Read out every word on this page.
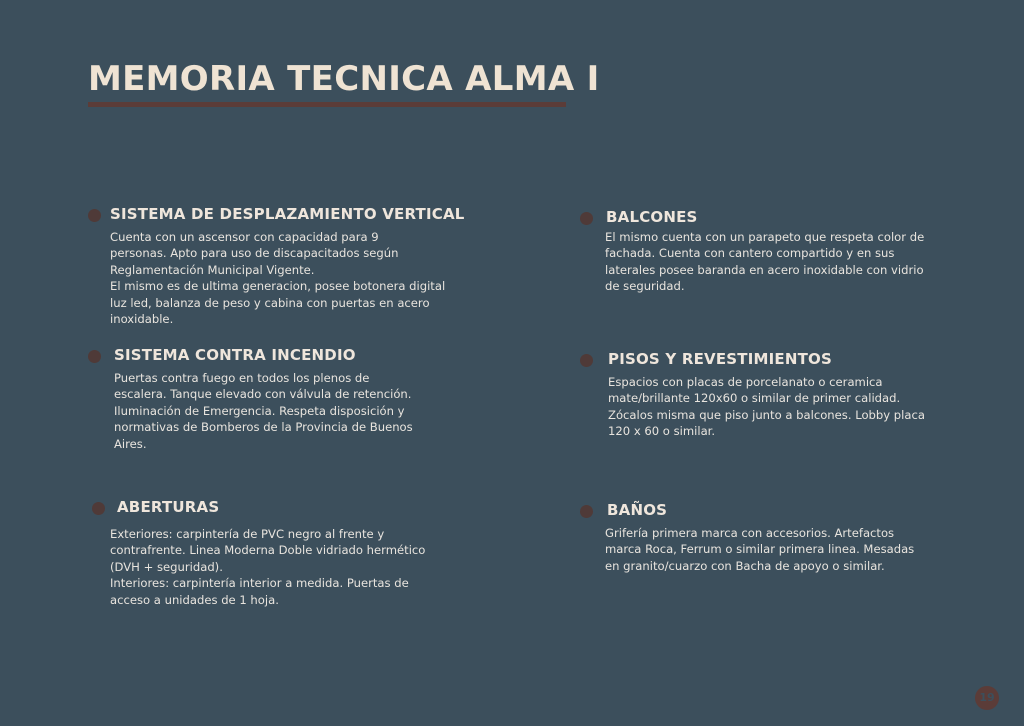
MEMORIA TECNICA ALMA I
SISTEMA DE DESPLAZAMIENTO VERTICAL
Cuenta con un ascensor con capacidad para 9
personas. Apto para uso de discapacitados según
Reglamentación Municipal Vigente.
El mismo es de ultima generacion, posee botonera digital
luz led, balanza de peso y cabina con puertas en acero
inoxidable.
SISTEMA CONTRA INCENDIO
Puertas contra fuego en todos los plenos de
escalera. Tanque elevado con válvula de retención.
Iluminación de Emergencia. Respeta disposición y
normativas de Bomberos de la Provincia de Buenos
Aires.
ABERTURAS
Exteriores: carpintería de PVC negro al frente y
contrafrente. Linea Moderna Doble vidriado hermético
(DVH + seguridad).
Interiores: carpintería interior a medida. Puertas de
acceso a unidades de 1 hoja.
BALCONES
El mismo cuenta con un parapeto que respeta color de
fachada. Cuenta con cantero compartido y en sus
laterales posee baranda en acero inoxidable con vidrio
de seguridad.
PISOS Y REVESTIMIENTOS
Espacios con placas de porcelanato o ceramica
mate/brillante 120x60 o similar de primer calidad.
Zócalos misma que piso junto a balcones. Lobby placa
120 x 60 o similar.
BAÑOS
Grifería primera marca con accesorios. Artefactos
marca Roca, Ferrum o similar primera linea. Mesadas
en granito/cuarzo con Bacha de apoyo o similar.
19
